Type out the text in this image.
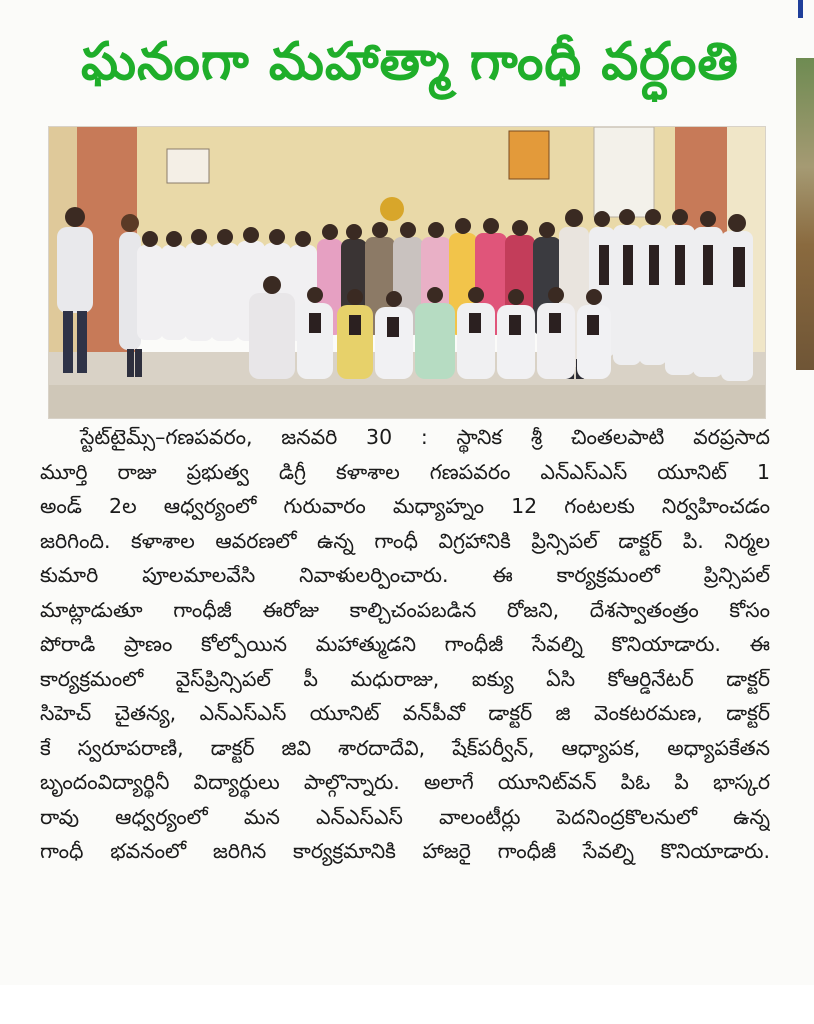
ఘనంగా మహాత్మా గాంధీ వర్ధంతి
స్టేట్‌టైమ్స్–గణపవరం, జనవరి 30 : స్థానిక శ్రీ చింతలపాటి వరప్రసాద
మూర్తి రాజు ప్రభుత్వ డిగ్రీ కళాశాల గణపవరం ఎన్ఎస్ఎస్ యూనిట్ 1
అండ్ 2ల ఆధ్వర్యంలో గురువారం మధ్యాహ్నం 12 గంటలకు నిర్వహించడం
జరిగింది. కళాశాల ఆవరణలో ఉన్న గాంధీ విగ్రహానికి ప్రిన్సిపల్ డాక్టర్ పి. నిర్మల
కుమారి పూలమాలవేసి నివాళులర్పించారు. ఈ కార్యక్రమంలో ప్రిన్సిపల్
మాట్లాడుతూ గాంధీజీ ఈరోజు కాల్చిచంపబడిన రోజని, దేశస్వాతంత్రం కోసం
పోరాడి ప్రాణం కోల్పోయిన మహాత్ముడని గాంధీజీ సేవల్ని కొనియాడారు. ఈ
కార్యక్రమంలో వైస్‌ప్రిన్సిపల్ పీ మధురాజు, ఐక్యు ఏసి కోఆర్డినేటర్ డాక్టర్
సిహెచ్ చైతన్య, ఎన్ఎస్ఎస్ యూనిట్ వన్‌పీవో డాక్టర్ జి వెంకటరమణ, డాక్టర్
కే స్వరూపరాణి, డాక్టర్ జివి శారదాదేవి, షేక్‌పర్వీన్, ఆధ్యాపక, అధ్యాపకేతన
బృందంవిద్యార్థినీ విద్యార్థులు పాల్గొన్నారు. అలాగే యూనిట్‌వన్ పిఓ పి భాస్కర
రావు ఆధ్వర్యంలో మన ఎన్ఎస్ఎస్ వాలంటీర్లు పెదనింద్రకొలనులో ఉన్న
గాంధీ భవనంలో జరిగిన కార్యక్రమానికి హాజరై గాంధీజీ సేవల్ని కొనియాడారు.
